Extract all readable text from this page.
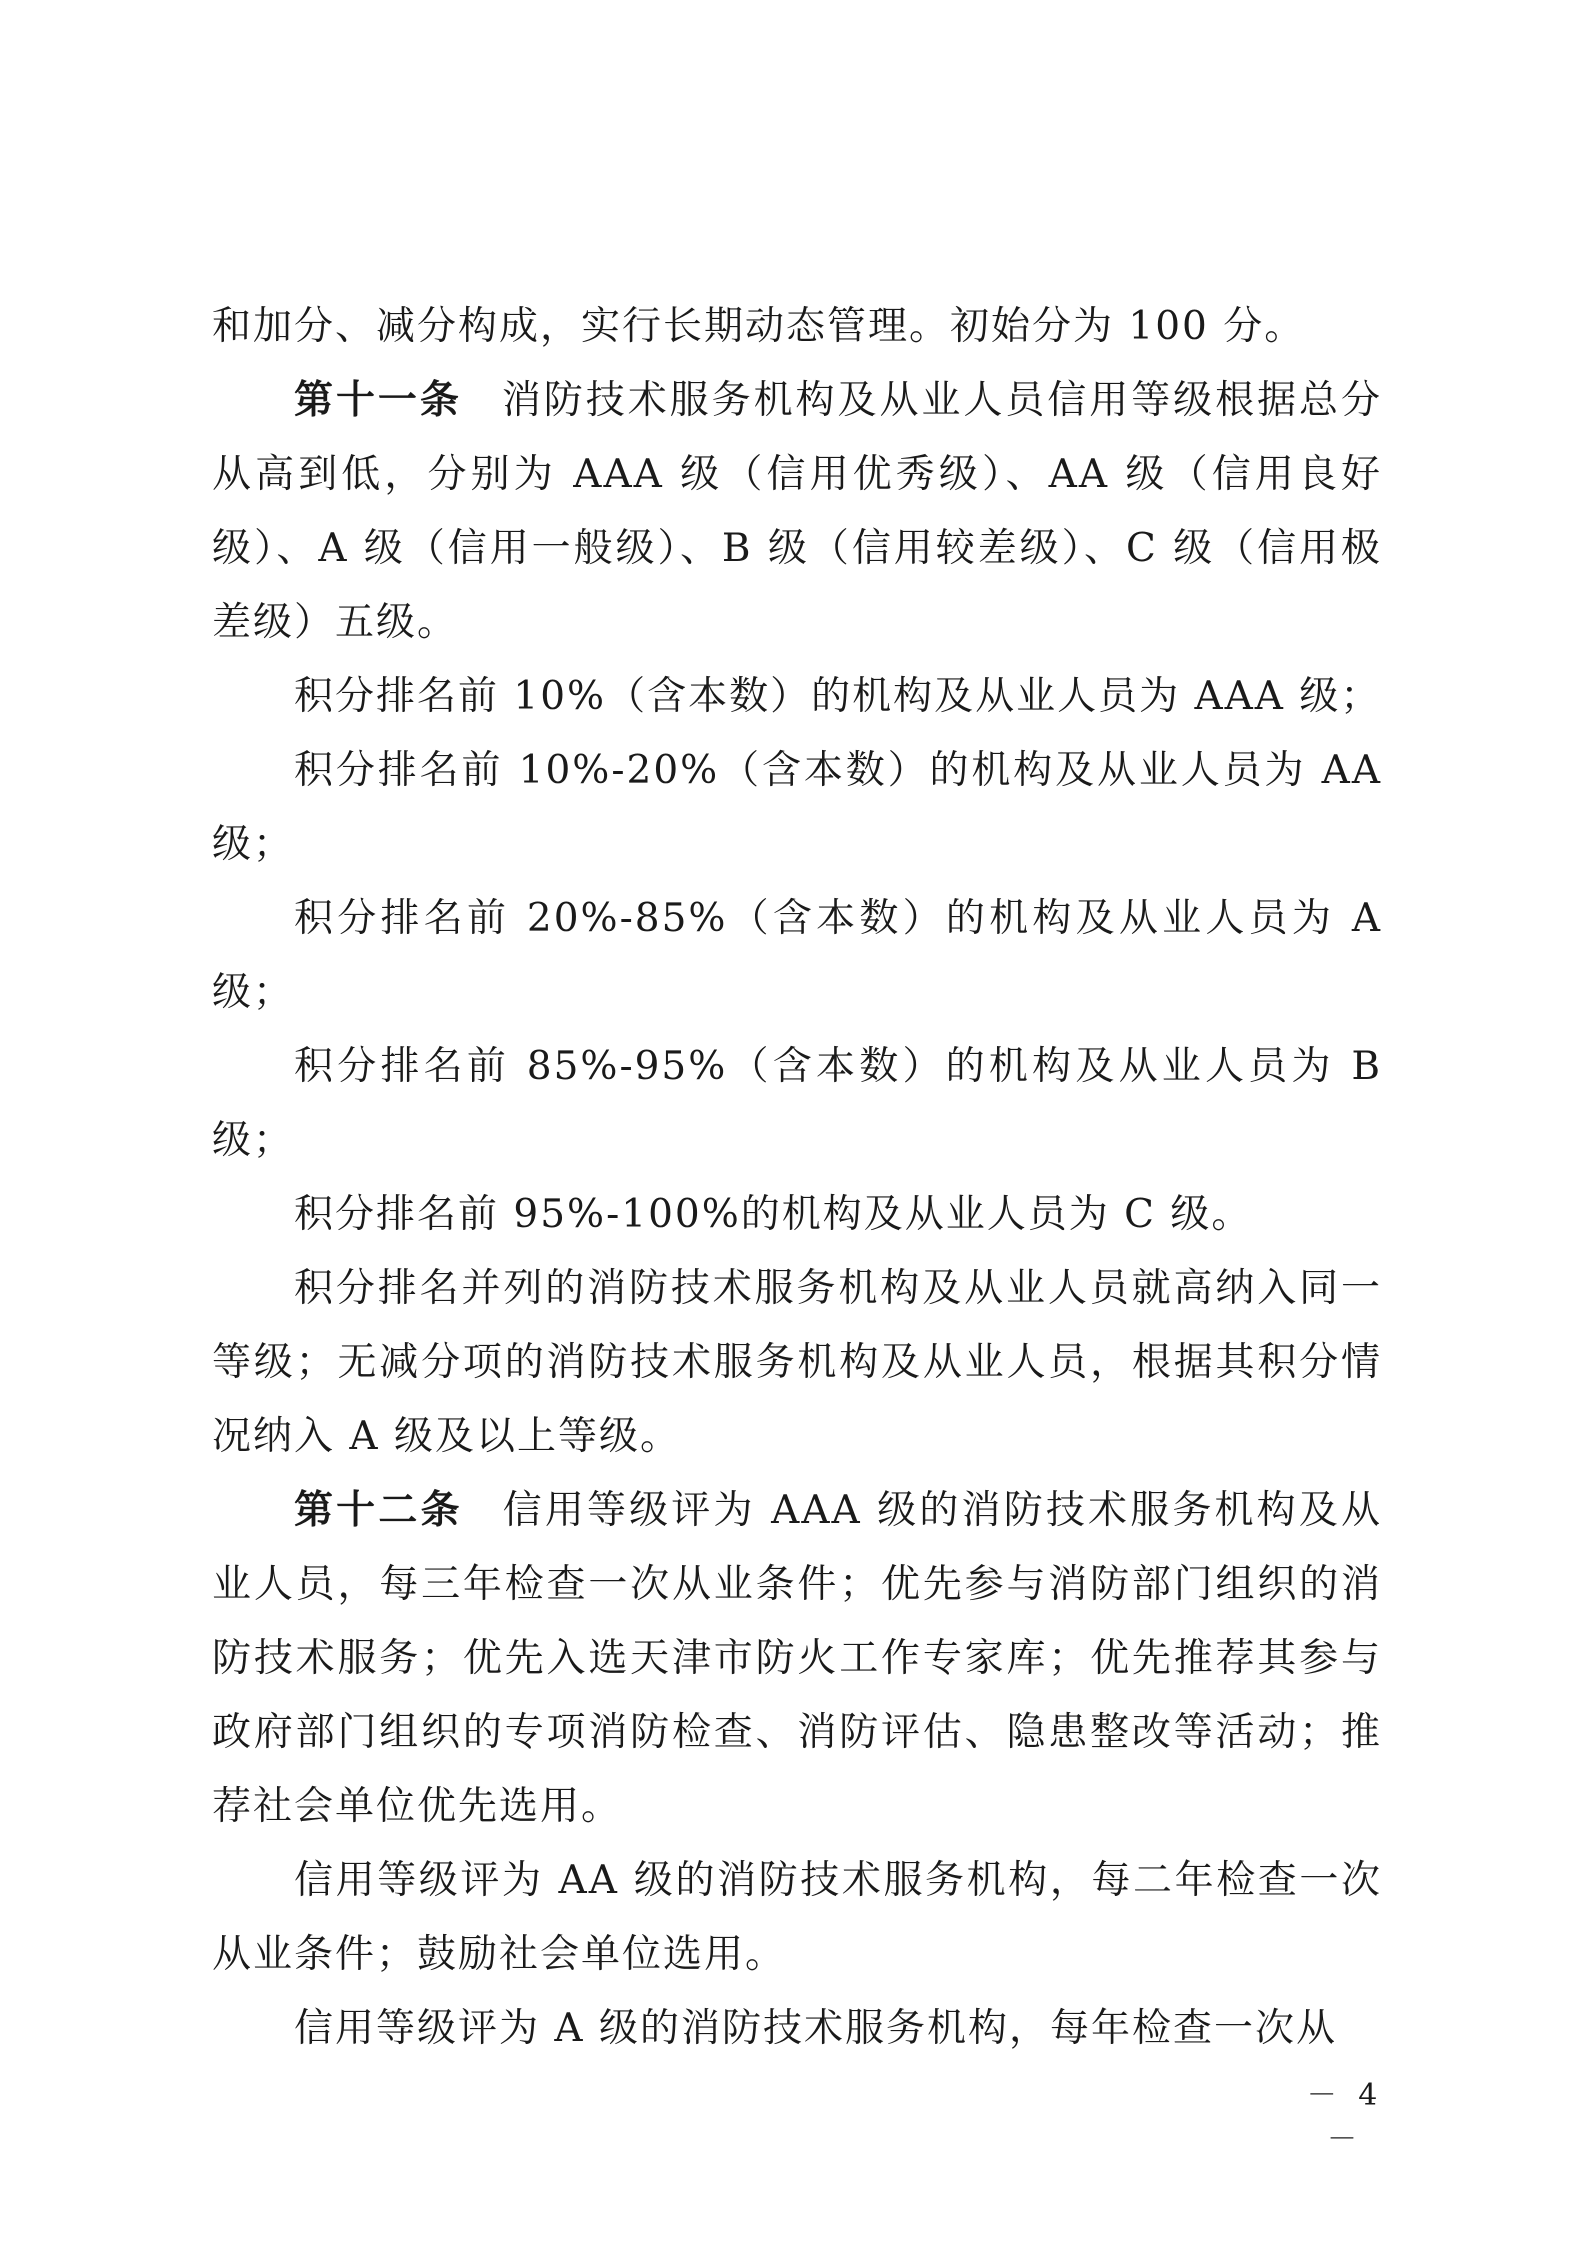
和加分、减分构成，实行长期动态管理。初始分为 100 分。

第十一条 消防技术服务机构及从业人员信用等级根据总分从高到低，分别为 AAA 级（信用优秀级）、AA 级（信用良好级）、A 级（信用一般级）、B 级（信用较差级）、C 级（信用极差级）五级。

积分排名前 10%（含本数）的机构及从业人员为 AAA 级；

积分排名前 10%-20%（含本数）的机构及从业人员为 AA 级；

积分排名前 20%-85%（含本数）的机构及从业人员为 A 级；

积分排名前 85%-95%（含本数）的机构及从业人员为 B 级；

积分排名前 95%-100%的机构及从业人员为 C 级。

积分排名并列的消防技术服务机构及从业人员就高纳入同一等级；无减分项的消防技术服务机构及从业人员，根据其积分情况纳入 A 级及以上等级。

第十二条 信用等级评为 AAA 级的消防技术服务机构及从业人员，每三年检查一次从业条件；优先参与消防部门组织的消防技术服务；优先入选天津市防火工作专家库；优先推荐其参与政府部门组织的专项消防检查、消防评估、隐患整改等活动；推荐社会单位优先选用。

信用等级评为 AA 级的消防技术服务机构，每二年检查一次从业条件；鼓励社会单位选用。

信用等级评为 A 级的消防技术服务机构，每年检查一次从

－ 4 －
